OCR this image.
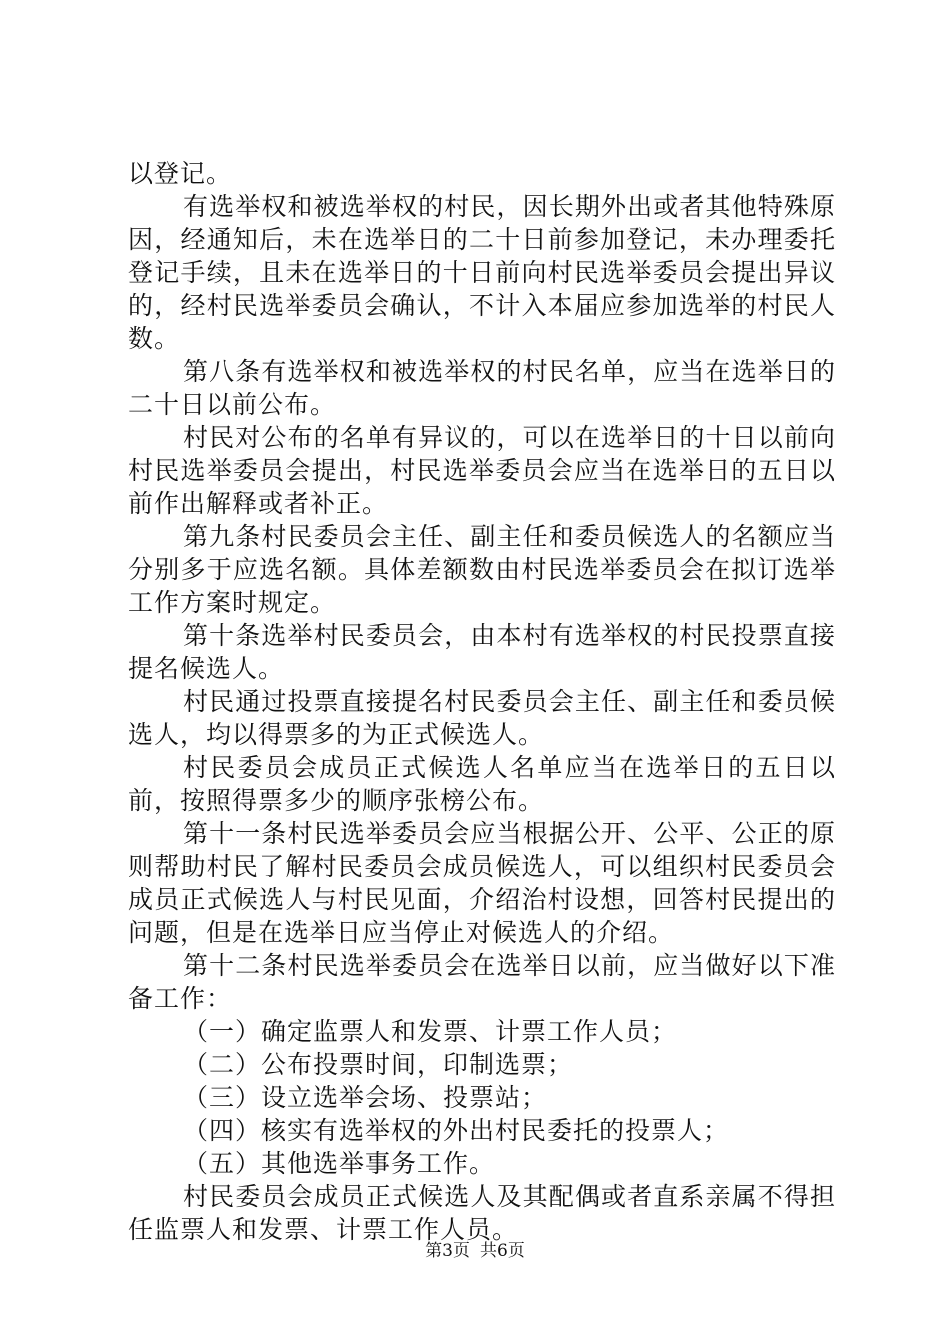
以登记。

有选举权和被选举权的村民，因长期外出或者其他特殊原因，经通知后，未在选举日的二十日前参加登记，未办理委托登记手续，且未在选举日的十日前向村民选举委员会提出异议的，经村民选举委员会确认，不计入本届应参加选举的村民人数。

第八条有选举权和被选举权的村民名单，应当在选举日的二十日以前公布。

村民对公布的名单有异议的，可以在选举日的十日以前向村民选举委员会提出，村民选举委员会应当在选举日的五日以前作出解释或者补正。

第九条村民委员会主任、副主任和委员候选人的名额应当分别多于应选名额。具体差额数由村民选举委员会在拟订选举工作方案时规定。

第十条选举村民委员会，由本村有选举权的村民投票直接提名候选人。

村民通过投票直接提名村民委员会主任、副主任和委员候选人，均以得票多的为正式候选人。

村民委员会成员正式候选人名单应当在选举日的五日以前，按照得票多少的顺序张榜公布。

第十一条村民选举委员会应当根据公开、公平、公正的原则帮助村民了解村民委员会成员候选人，可以组织村民委员会成员正式候选人与村民见面，介绍治村设想，回答村民提出的问题，但是在选举日应当停止对候选人的介绍。

第十二条村民选举委员会在选举日以前，应当做好以下准备工作：

（一）确定监票人和发票、计票工作人员；

（二）公布投票时间，印制选票；

（三）设立选举会场、投票站；

（四）核实有选举权的外出村民委托的投票人；

（五）其他选举事务工作。

村民委员会成员正式候选人及其配偶或者直系亲属不得担任监票人和发票、计票工作人员。

第3页 共6页
